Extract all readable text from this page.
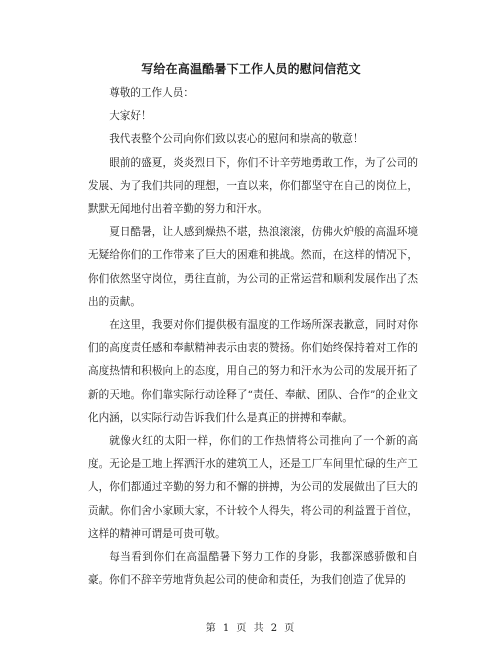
写给在高温酷暑下工作人员的慰问信范文

尊敬的工作人员：

大家好！

我代表整个公司向你们致以衷心的慰问和崇高的敬意！

眼前的盛夏，炎炎烈日下，你们不计辛劳地勇敢工作，为了公司的发展、为了我们共同的理想，一直以来，你们都坚守在自己的岗位上，默默无闻地付出着辛勤的努力和汗水。

夏日酷暑，让人感到燥热不堪，热浪滚滚，仿佛火炉般的高温环境无疑给你们的工作带来了巨大的困难和挑战。然而，在这样的情况下，你们依然坚守岗位，勇往直前，为公司的正常运营和顺利发展作出了杰出的贡献。

在这里，我要对你们提供极有温度的工作场所深表歉意，同时对你们的高度责任感和奉献精神表示由衷的赞扬。你们始终保持着对工作的高度热情和积极向上的态度，用自己的努力和汗水为公司的发展开拓了新的天地。你们靠实际行动诠释了“责任、奉献、团队、合作”的企业文化内涵，以实际行动告诉我们什么是真正的拼搏和奉献。

就像火红的太阳一样，你们的工作热情将公司推向了一个新的高度。无论是工地上挥洒汗水的建筑工人，还是工厂车间里忙碌的生产工人，你们都通过辛勤的努力和不懈的拼搏，为公司的发展做出了巨大的贡献。你们舍小家顾大家，不计较个人得失，将公司的利益置于首位，这样的精神可谓是可贵可敬。

每当看到你们在高温酷暑下努力工作的身影，我都深感骄傲和自豪。你们不辞辛劳地背负起公司的使命和责任，为我们创造了优异的

第 1 页 共 2 页
